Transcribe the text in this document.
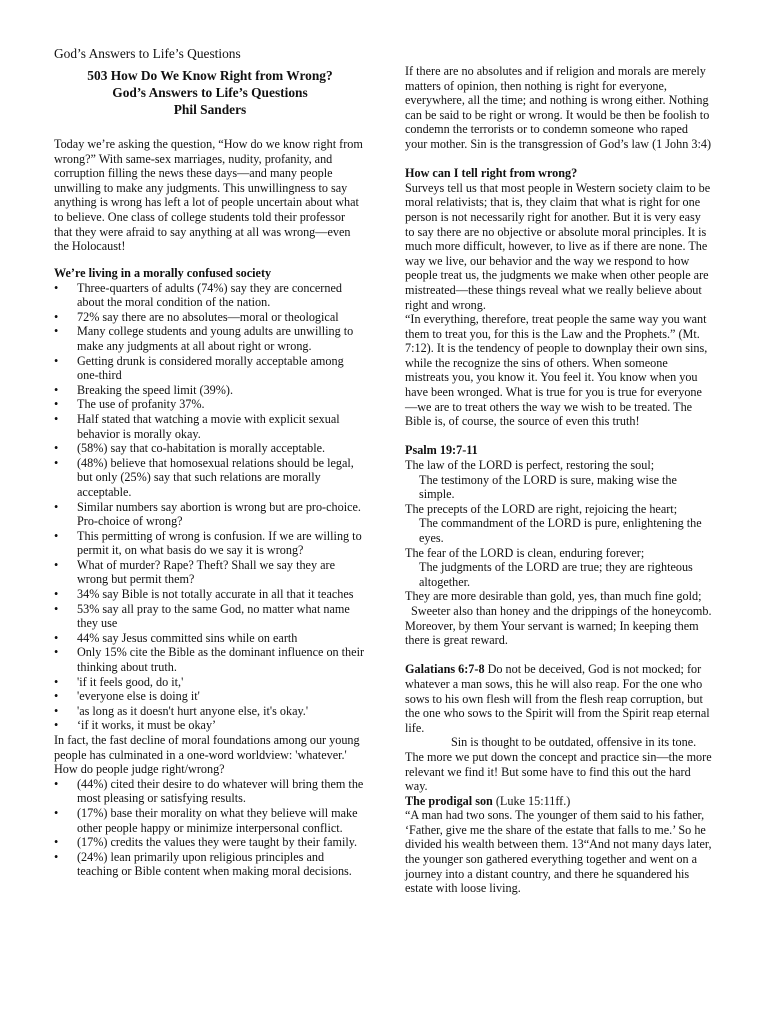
God’s Answers to Life’s Questions
503 How Do We Know Right from Wrong?
God’s Answers to Life’s Questions
Phil Sanders

Today we’re asking the question, “How do we know right from wrong?” With same-sex marriages, nudity, profanity, and corruption filling the news these days—and many people unwilling to make any judgments. This unwillingness to say anything is wrong has left a lot of people uncertain about what to believe. One class of college students told their professor that they were afraid to say anything at all was wrong—even the Holocaust!

We’re living in a morally confused society
• Three-quarters of adults (74%) say they are concerned about the moral condition of the nation.
• 72% say there are no absolutes—moral or theological
• Many college students and young adults are unwilling to make any judgments at all about right or wrong.
• Getting drunk is considered morally acceptable among one-third
• Breaking the speed limit (39%).
• The use of profanity 37%.
• Half stated that watching a movie with explicit sexual behavior is morally okay.
• (58%) say that co-habitation is morally acceptable.
• (48%) believe that homosexual relations should be legal, but only (25%) say that such relations are morally acceptable.
• Similar numbers say abortion is wrong but are pro-choice. Pro-choice of wrong?
• This permitting of wrong is confusion. If we are willing to permit it, on what basis do we say it is wrong?
• What of murder? Rape? Theft? Shall we say they are wrong but permit them?
• 34% say Bible is not totally accurate in all that it teaches
• 53% say all pray to the same God, no matter what name they use
• 44% say Jesus committed sins while on earth
• Only 15% cite the Bible as the dominant influence on their thinking about truth.
• 'if it feels good, do it,'
• 'everyone else is doing it'
• 'as long as it doesn't hurt anyone else, it's okay.'
• ‘if it works, it must be okay’
In fact, the fast decline of moral foundations among our young people has culminated in a one-word worldview: 'whatever.'
How do people judge right/wrong?
• (44%) cited their desire to do whatever will bring them the most pleasing or satisfying results.
• (17%) base their morality on what they believe will make other people happy or minimize interpersonal conflict.
• (17%) credits the values they were taught by their family.
• (24%) lean primarily upon religious principles and teaching or Bible content when making moral decisions.

If there are no absolutes and if religion and morals are merely matters of opinion, then nothing is right for everyone, everywhere, all the time; and nothing is wrong either. Nothing can be said to be right or wrong. It would be then be foolish to condemn the terrorists or to condemn someone who raped your mother. Sin is the transgression of God’s law (1 John 3:4)

How can I tell right from wrong?

Surveys tell us that most people in Western society claim to be moral relativists; that is, they claim that what is right for one person is not necessarily right for another. But it is very easy to say there are no objective or absolute moral principles. It is much more difficult, however, to live as if there are none. The way we live, our behavior and the way we respond to how people treat us, the judgments we make when other people are mistreated—these things reveal what we really believe about right and wrong.

“In everything, therefore, treat people the same way you want them to treat you, for this is the Law and the Prophets.” (Mt. 7:12). It is the tendency of people to downplay their own sins, while the recognize the sins of others. When someone mistreats you, you know it. You feel it. You know when you have been wronged. What is true for you is true for everyone—we are to treat others the way we wish to be treated. The Bible is, of course, the source of even this truth!

Psalm 19:7-11
The law of the LORD is perfect, restoring the soul;
The testimony of the LORD is sure, making wise the simple.
The precepts of the LORD are right, rejoicing the heart;
The commandment of the LORD is pure, enlightening the eyes.
The fear of the LORD is clean, enduring forever;
The judgments of the LORD are true; they are righteous altogether.
They are more desirable than gold, yes, than much fine gold;
Sweeter also than honey and the drippings of the honeycomb.
Moreover, by them Your servant is warned; In keeping them there is great reward.

Galatians 6:7-8 Do not be deceived, God is not mocked; for whatever a man sows, this he will also reap. For the one who sows to his own flesh will from the flesh reap corruption, but the one who sows to the Spirit will from the Spirit reap eternal life.

Sin is thought to be outdated, offensive in its tone. The more we put down the concept and practice sin—the more relevant we find it! But some have to find this out the hard way.

The prodigal son (Luke 15:11ff.)

“A man had two sons. The younger of them said to his father, ‘Father, give me the share of the estate that falls to me.’ So he divided his wealth between them. 13“And not many days later, the younger son gathered everything together and went on a journey into a distant country, and there he squandered his estate with loose living.
